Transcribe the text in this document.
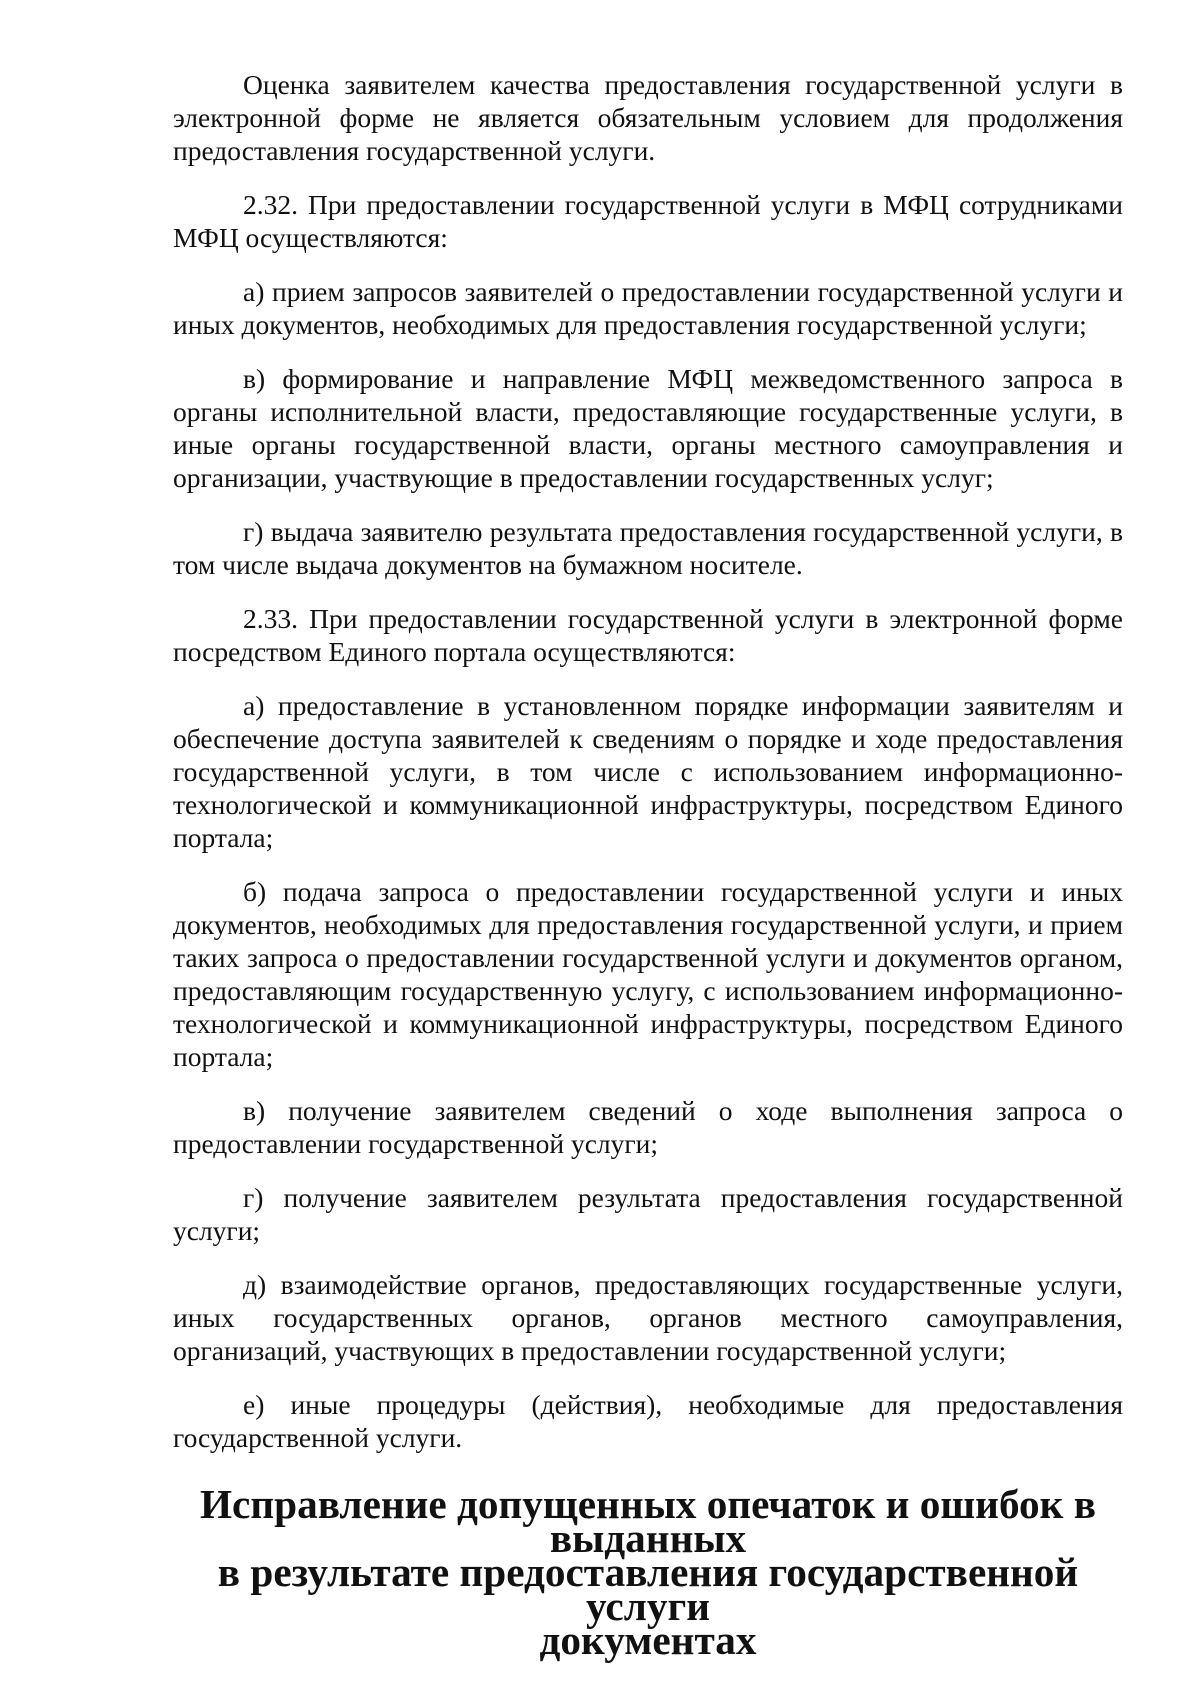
Оценка заявителем качества предоставления государственной услуги в электронной форме не является обязательным условием для продолжения предоставления государственной услуги.

2.32. При предоставлении государственной услуги в МФЦ сотрудниками МФЦ осуществляются:

а) прием запросов заявителей о предоставлении государственной услуги и иных документов, необходимых для предоставления государственной услуги;

в) формирование и направление МФЦ межведомственного запроса в органы исполнительной власти, предоставляющие государственные услуги, в иные органы государственной власти, органы местного самоуправления и организации, участвующие в предоставлении государственных услуг;

г) выдача заявителю результата предоставления государственной услуги, в том числе выдача документов на бумажном носителе.

2.33. При предоставлении государственной услуги в электронной форме посредством Единого портала осуществляются:

а) предоставление в установленном порядке информации заявителям и обеспечение доступа заявителей к сведениям о порядке и ходе предоставления государственной услуги, в том числе с использованием информационно-технологической и коммуникационной инфраструктуры, посредством Единого портала;

б) подача запроса о предоставлении государственной услуги и иных документов, необходимых для предоставления государственной услуги, и прием таких запроса о предоставлении государственной услуги и документов органом, предоставляющим государственную услугу, с использованием информационно-технологической и коммуникационной инфраструктуры, посредством Единого портала;

в) получение заявителем сведений о ходе выполнения запроса о предоставлении государственной услуги;

г) получение заявителем результата предоставления государственной услуги;

д) взаимодействие органов, предоставляющих государственные услуги, иных государственных органов, органов местного самоуправления, организаций, участвующих в предоставлении государственной услуги;

е) иные процедуры (действия), необходимые для предоставления государственной услуги.

Исправление допущенных опечаток и ошибок в выданных
в результате предоставления государственной услуги
документах
